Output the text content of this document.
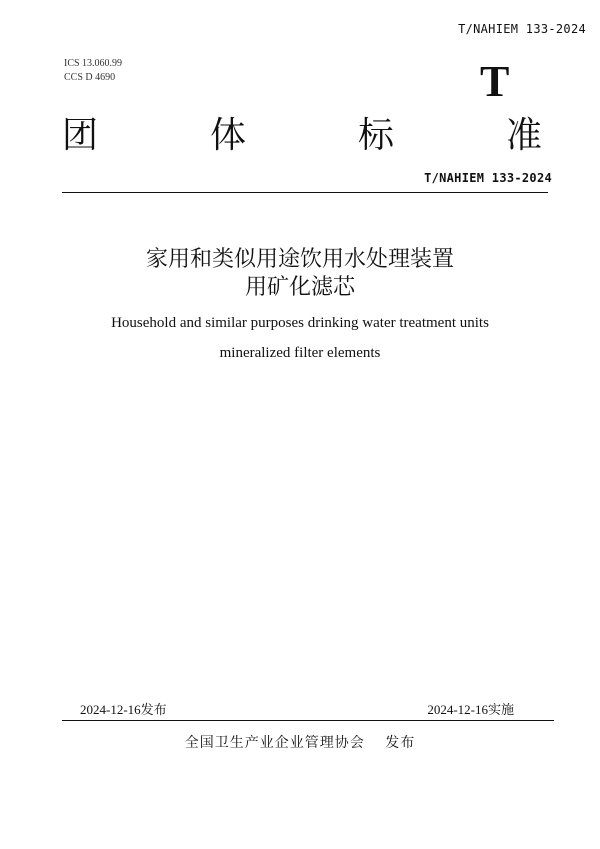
T/NAHIEM 133-2024
ICS 13.060.99
CCS D 4690	T
团	体	标	准
T/NAHIEM 133-2024
家用和类似用途饮用水处理装置
用矿化滤芯
Household and similar purposes drinking water treatment units
mineralized filter elements
2024-12-16发布	2024-12-16实施
全国卫生产业企业管理协会　 发布
